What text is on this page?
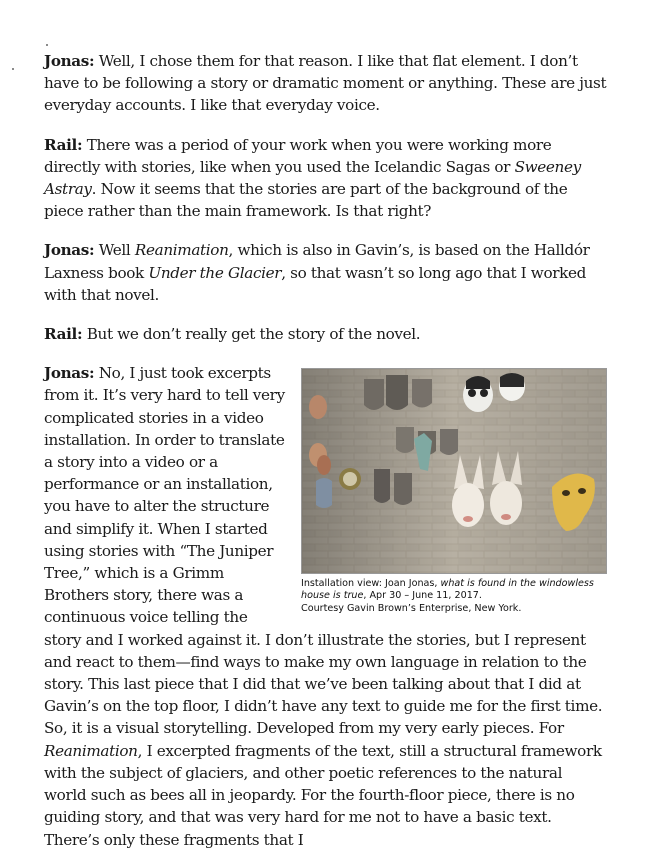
Jonas: Well, I chose them for that reason. I like that flat element. I don’t have to be following a story or dramatic moment or anything. These are just everyday accounts. I like that everyday voice.

Rail: There was a period of your work when you were working more directly with stories, like when you used the Icelandic Sagas or Sweeney Astray. Now it seems that the stories are part of the background of the piece rather than the main framework. Is that right?

Jonas: Well Reanimation, which is also in Gavin’s, is based on the Halldór Laxness book Under the Glacier, so that wasn’t so long ago that I worked with that novel.

Rail: But we don’t really get the story of the novel.

Installation view: Joan Jonas, what is found in the windowless house is true, Apr 30 – June 11, 2017.
Courtesy Gavin Brown’s Enterprise, New York.

Jonas: No, I just took excerpts from it. It’s very hard to tell very complicated stories in a video installation. In order to translate a story into a video or a performance or an installation, you have to alter the structure and simplify it. When I started using stories with “The Juniper Tree,” which is a Grimm Brothers story, there was a continuous voice telling the story and I worked against it. I don’t illustrate the stories, but I represent and react to them—find ways to make my own language in relation to the story. This last piece that I did that we’ve been talking about that I did at Gavin’s on the top floor, I didn’t have any text to guide me for the first time. So, it is a visual storytelling. Developed from my very early pieces. For Reanimation, I excerpted fragments of the text, still a structural framework with the subject of glaciers, and other poetic references to the natural world such as bees all in jeopardy. For the fourth-floor piece, there is no guiding story, and that was very hard for me not to have a basic text. There’s only these fragments that I
